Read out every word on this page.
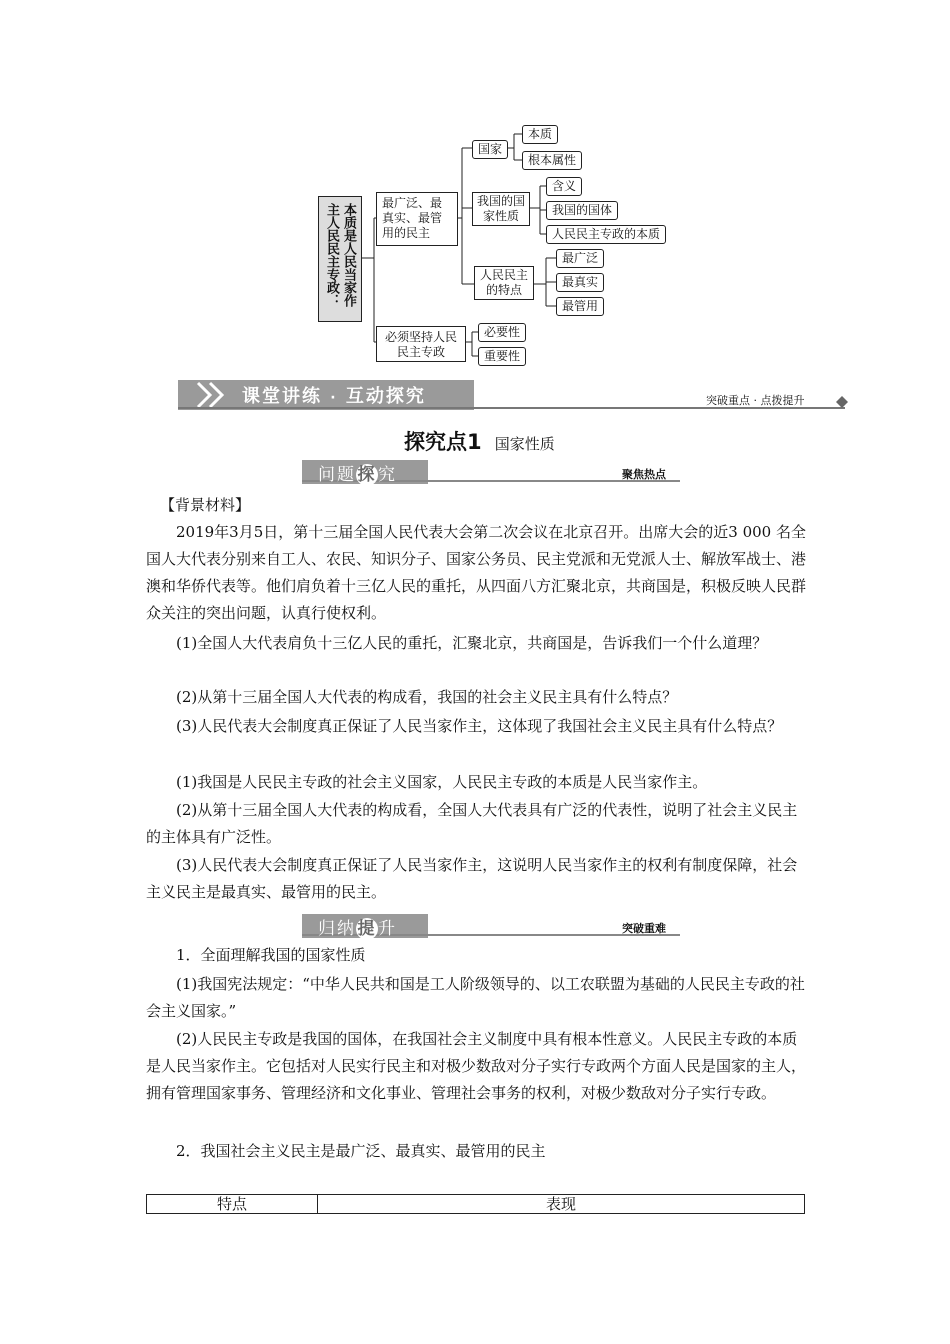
本质是人民当家作主人民民主专政：	最广泛、最真实、最管用的民主
必须坚持人民民主专政
国家
本质
根本属性
我国的国家性质
含义
我国的国体
人民民主专政的本质
人民民主的特点
最广泛
最真实
最管用
必要性
重要性
课堂讲练 · 互动探究	突破重点 · 点拨提升
探究点1 国家性质
问题探究	聚焦热点
【背景材料】
2019年3月5日，第十三届全国人民代表大会第二次会议在北京召开。出席大会的近3 000 名全国人大代表分别来自工人、农民、知识分子、国家公务员、民主党派和无党派人士、解放军战士、港澳和华侨代表等。他们肩负着十三亿人民的重托，从四面八方汇聚北京，共商国是，积极反映人民群众关注的突出问题，认真行使权利。
(1)全国人大代表肩负十三亿人民的重托，汇聚北京，共商国是，告诉我们一个什么道理？
(2)从第十三届全国人大代表的构成看，我国的社会主义民主具有什么特点？
(3)人民代表大会制度真正保证了人民当家作主，这体现了我国社会主义民主具有什么特点？
(1)我国是人民民主专政的社会主义国家，人民民主专政的本质是人民当家作主。
(2)从第十三届全国人大代表的构成看，全国人大代表具有广泛的代表性，说明了社会主义民主的主体具有广泛性。
(3)人民代表大会制度真正保证了人民当家作主，这说明人民当家作主的权利有制度保障，社会主义民主是最真实、最管用的民主。
归纳提升	突破重难
1．全面理解我国的国家性质
(1)我国宪法规定：“中华人民共和国是工人阶级领导的、以工农联盟为基础的人民民主专政的社会主义国家。”
(2)人民民主专政是我国的国体，在我国社会主义制度中具有根本性意义。人民民主专政的本质是人民当家作主。它包括对人民实行民主和对极少数敌对分子实行专政两个方面人民是国家的主人，拥有管理国家事务、管理经济和文化事业、管理社会事务的权利，对极少数敌对分子实行专政。
2．我国社会主义民主是最广泛、最真实、最管用的民主
特点	表现
